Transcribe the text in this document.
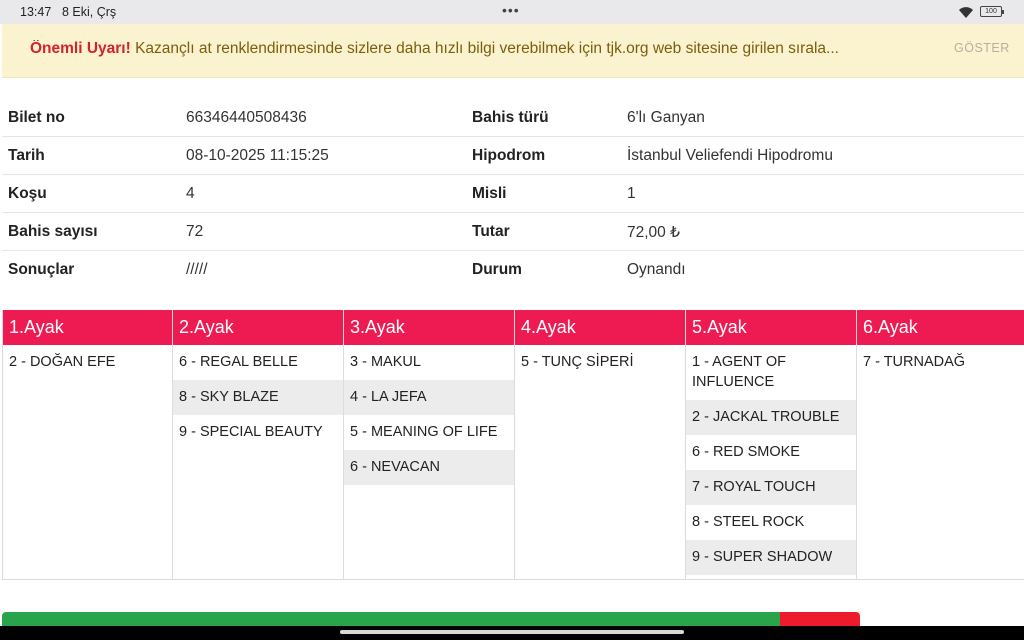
13:47 8 Eki, Çrş	•••	100
Önemli Uyarı! Kazançlı at renklendirmesinde sizlere daha hızlı bilgi verebilmek için tjk.org web sitesine girilen sırala...	GÖSTER
Bilet no	66346440508436	Bahis türü	6'lı Ganyan
Tarih	08-10-2025 11:15:25	Hipodrom	İstanbul Veliefendi Hipodromu
Koşu	4	Misli	1
Bahis sayısı	72	Tutar	72,00 ₺
Sonuçlar	/////	Durum	Oynandı
1.Ayak
2 - DOĞAN EFE
2.Ayak
6 - REGAL BELLE
8 - SKY BLAZE
9 - SPECIAL BEAUTY
3.Ayak
3 - MAKUL
4 - LA JEFA
5 - MEANING OF LIFE
6 - NEVACAN
4.Ayak
5 - TUNÇ SİPERİ
5.Ayak
1 - AGENT OF INFLUENCE
2 - JACKAL TROUBLE
6 - RED SMOKE
7 - ROYAL TOUCH
8 - STEEL ROCK
9 - SUPER SHADOW
6.Ayak
7 - TURNADAĞ
